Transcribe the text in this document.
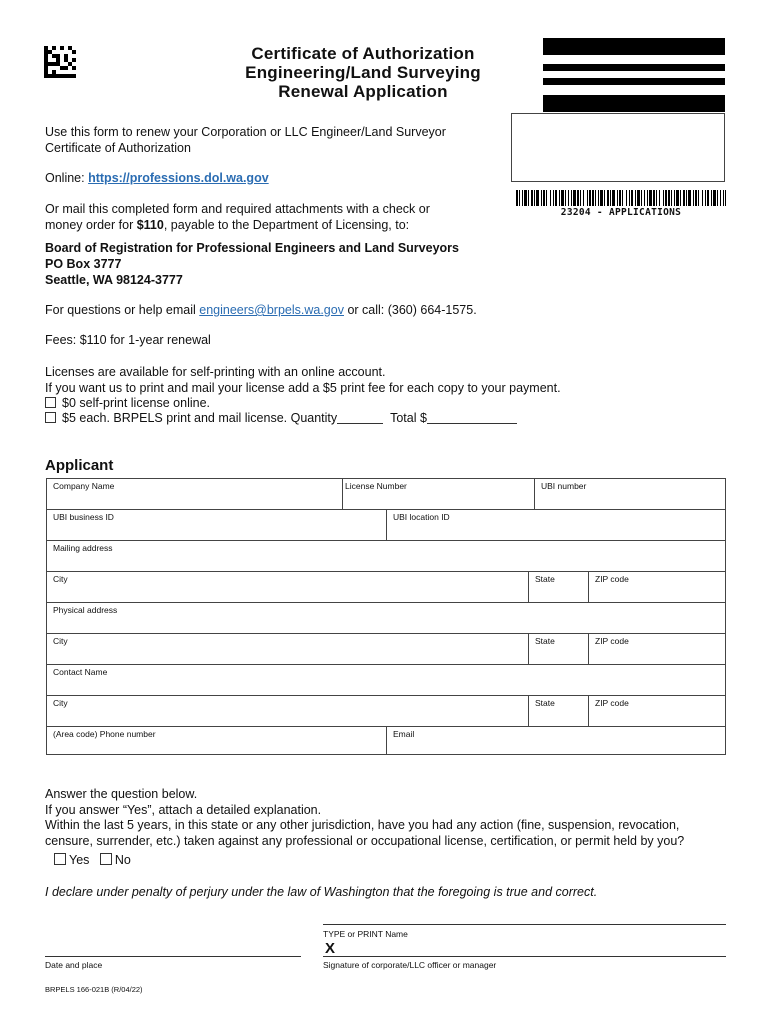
Certificate of Authorization
Engineering/Land Surveying
Renewal Application
23204 - APPLICATIONS
Use this form to renew your Corporation or LLC Engineer/Land Surveyor
Certificate of Authorization
Online: https://professions.dol.wa.gov
Or mail this completed form and required attachments with a check or
money order for $110, payable to the Department of Licensing, to:
Board of Registration for Professional Engineers and Land Surveyors
PO Box 3777
Seattle, WA 98124-3777
For questions or help email engineers@brpels.wa.gov or call: (360) 664-1575.
Fees: $110 for 1-year renewal
Licenses are available for self-printing with an online account.
If you want us to print and mail your license add a $5 print fee for each copy to your payment.
$0 self-print license online.
$5 each. BRPELS print and mail license. Quantity	Total $
Applicant
Company Name	License Number	UBI number
UBI business ID	UBI location ID
Mailing address
City	State	ZIP code
Physical address
City	State	ZIP code
Contact Name
City	State	ZIP code
(Area code) Phone number	Email
Answer the question below.
If you answer “Yes”, attach a detailed explanation.
Within the last 5 years, in this state or any other jurisdiction, have you had any action (fine, suspension, revocation,
censure, surrender, etc.) taken against any professional or occupational license, certification, or permit held by you?
Yes No
I declare under penalty of perjury under the law of Washington that the foregoing is true and correct.
TYPE or PRINT Name
X
Signature of corporate/LLC officer or manager
Date and place
BRPELS 166-021B (R/04/22)
